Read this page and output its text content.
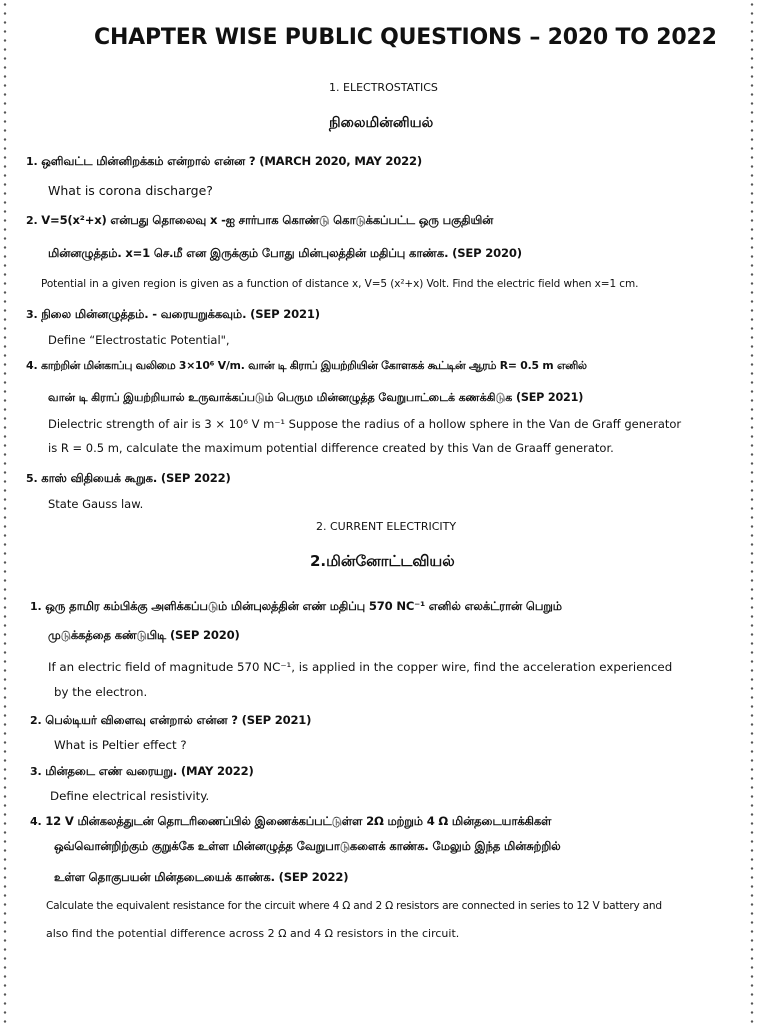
CHAPTER WISE PUBLIC QUESTIONS – 2020 TO 2022
1. ELECTROSTATICS
நிலைமின்னியல்
1. ஒளிவட்ட மின்னிறக்கம் என்றால் என்ன ? (MARCH 2020, MAY 2022)
What is corona discharge?
2. V=5(x²+x) என்பது தொலைவு x -ஐ சார்பாக கொண்டு கொடுக்கப்பட்ட ஒரு பகுதியின்
மின்னழுத்தம். x=1 செ.மீ என இருக்கும் போது மின்புலத்தின் மதிப்பு காண்க. (SEP 2020)
Potential in a given region is given as a function of distance x, V=5 (x²+x) Volt. Find the electric field when x=1 cm.
3. நிலை மின்னழுத்தம். - வரையறுக்கவும். (SEP 2021)
Define “Electrostatic Potential",
4. காற்றின் மின்காப்பு வலிமை 3×10⁶ V/m. வான் டி கிராப் இயற்றியின் கோளகக் கூட்டின் ஆரம் R= 0.5 m எனில்
வான் டி கிராப் இயற்றியால் உருவாக்கப்படும் பெரும மின்னழுத்த வேறுபாட்டைக் கணக்கிடுக (SEP 2021)
Dielectric strength of air is 3 × 10⁶ V m⁻¹ Suppose the radius of a hollow sphere in the Van de Graff generator
is R = 0.5 m, calculate the maximum potential difference created by this Van de Graaff generator.
5. காஸ் விதியைக் கூறுக. (SEP 2022)
State Gauss law.
2. CURRENT ELECTRICITY
2.மின்னோட்டவியல்
1. ஒரு தாமிர கம்பிக்கு அளிக்கப்படும் மின்புலத்தின் எண் மதிப்பு 570 NC⁻¹ எனில் எலக்ட்ரான் பெறும்
முடுக்கத்தை கண்டுபிடி (SEP 2020)
If an electric field of magnitude 570 NC⁻¹, is applied in the copper wire, find the acceleration experienced
by the electron.
2. பெல்டியர் விளைவு என்றால் என்ன ? (SEP 2021)
What is Peltier effect ?
3. மின்தடை எண் வரையறு. (MAY 2022)
Define electrical resistivity.
4. 12 V மின்கலத்துடன் தொடரிணைப்பில் இணைக்கப்பட்டுள்ள 2Ω மற்றும் 4 Ω மின்தடையாக்கிகள்
ஒவ்வொன்றிற்கும் குறுக்கே உள்ள மின்னழுத்த வேறுபாடுகளைக் காண்க. மேலும் இந்த மின்சுற்றில்
உள்ள தொகுபயன் மின்தடையைக் காண்க. (SEP 2022)
Calculate the equivalent resistance for the circuit where 4 Ω and 2 Ω resistors are connected in series to 12 V battery and
also find the potential difference across 2 Ω and 4 Ω resistors in the circuit.
